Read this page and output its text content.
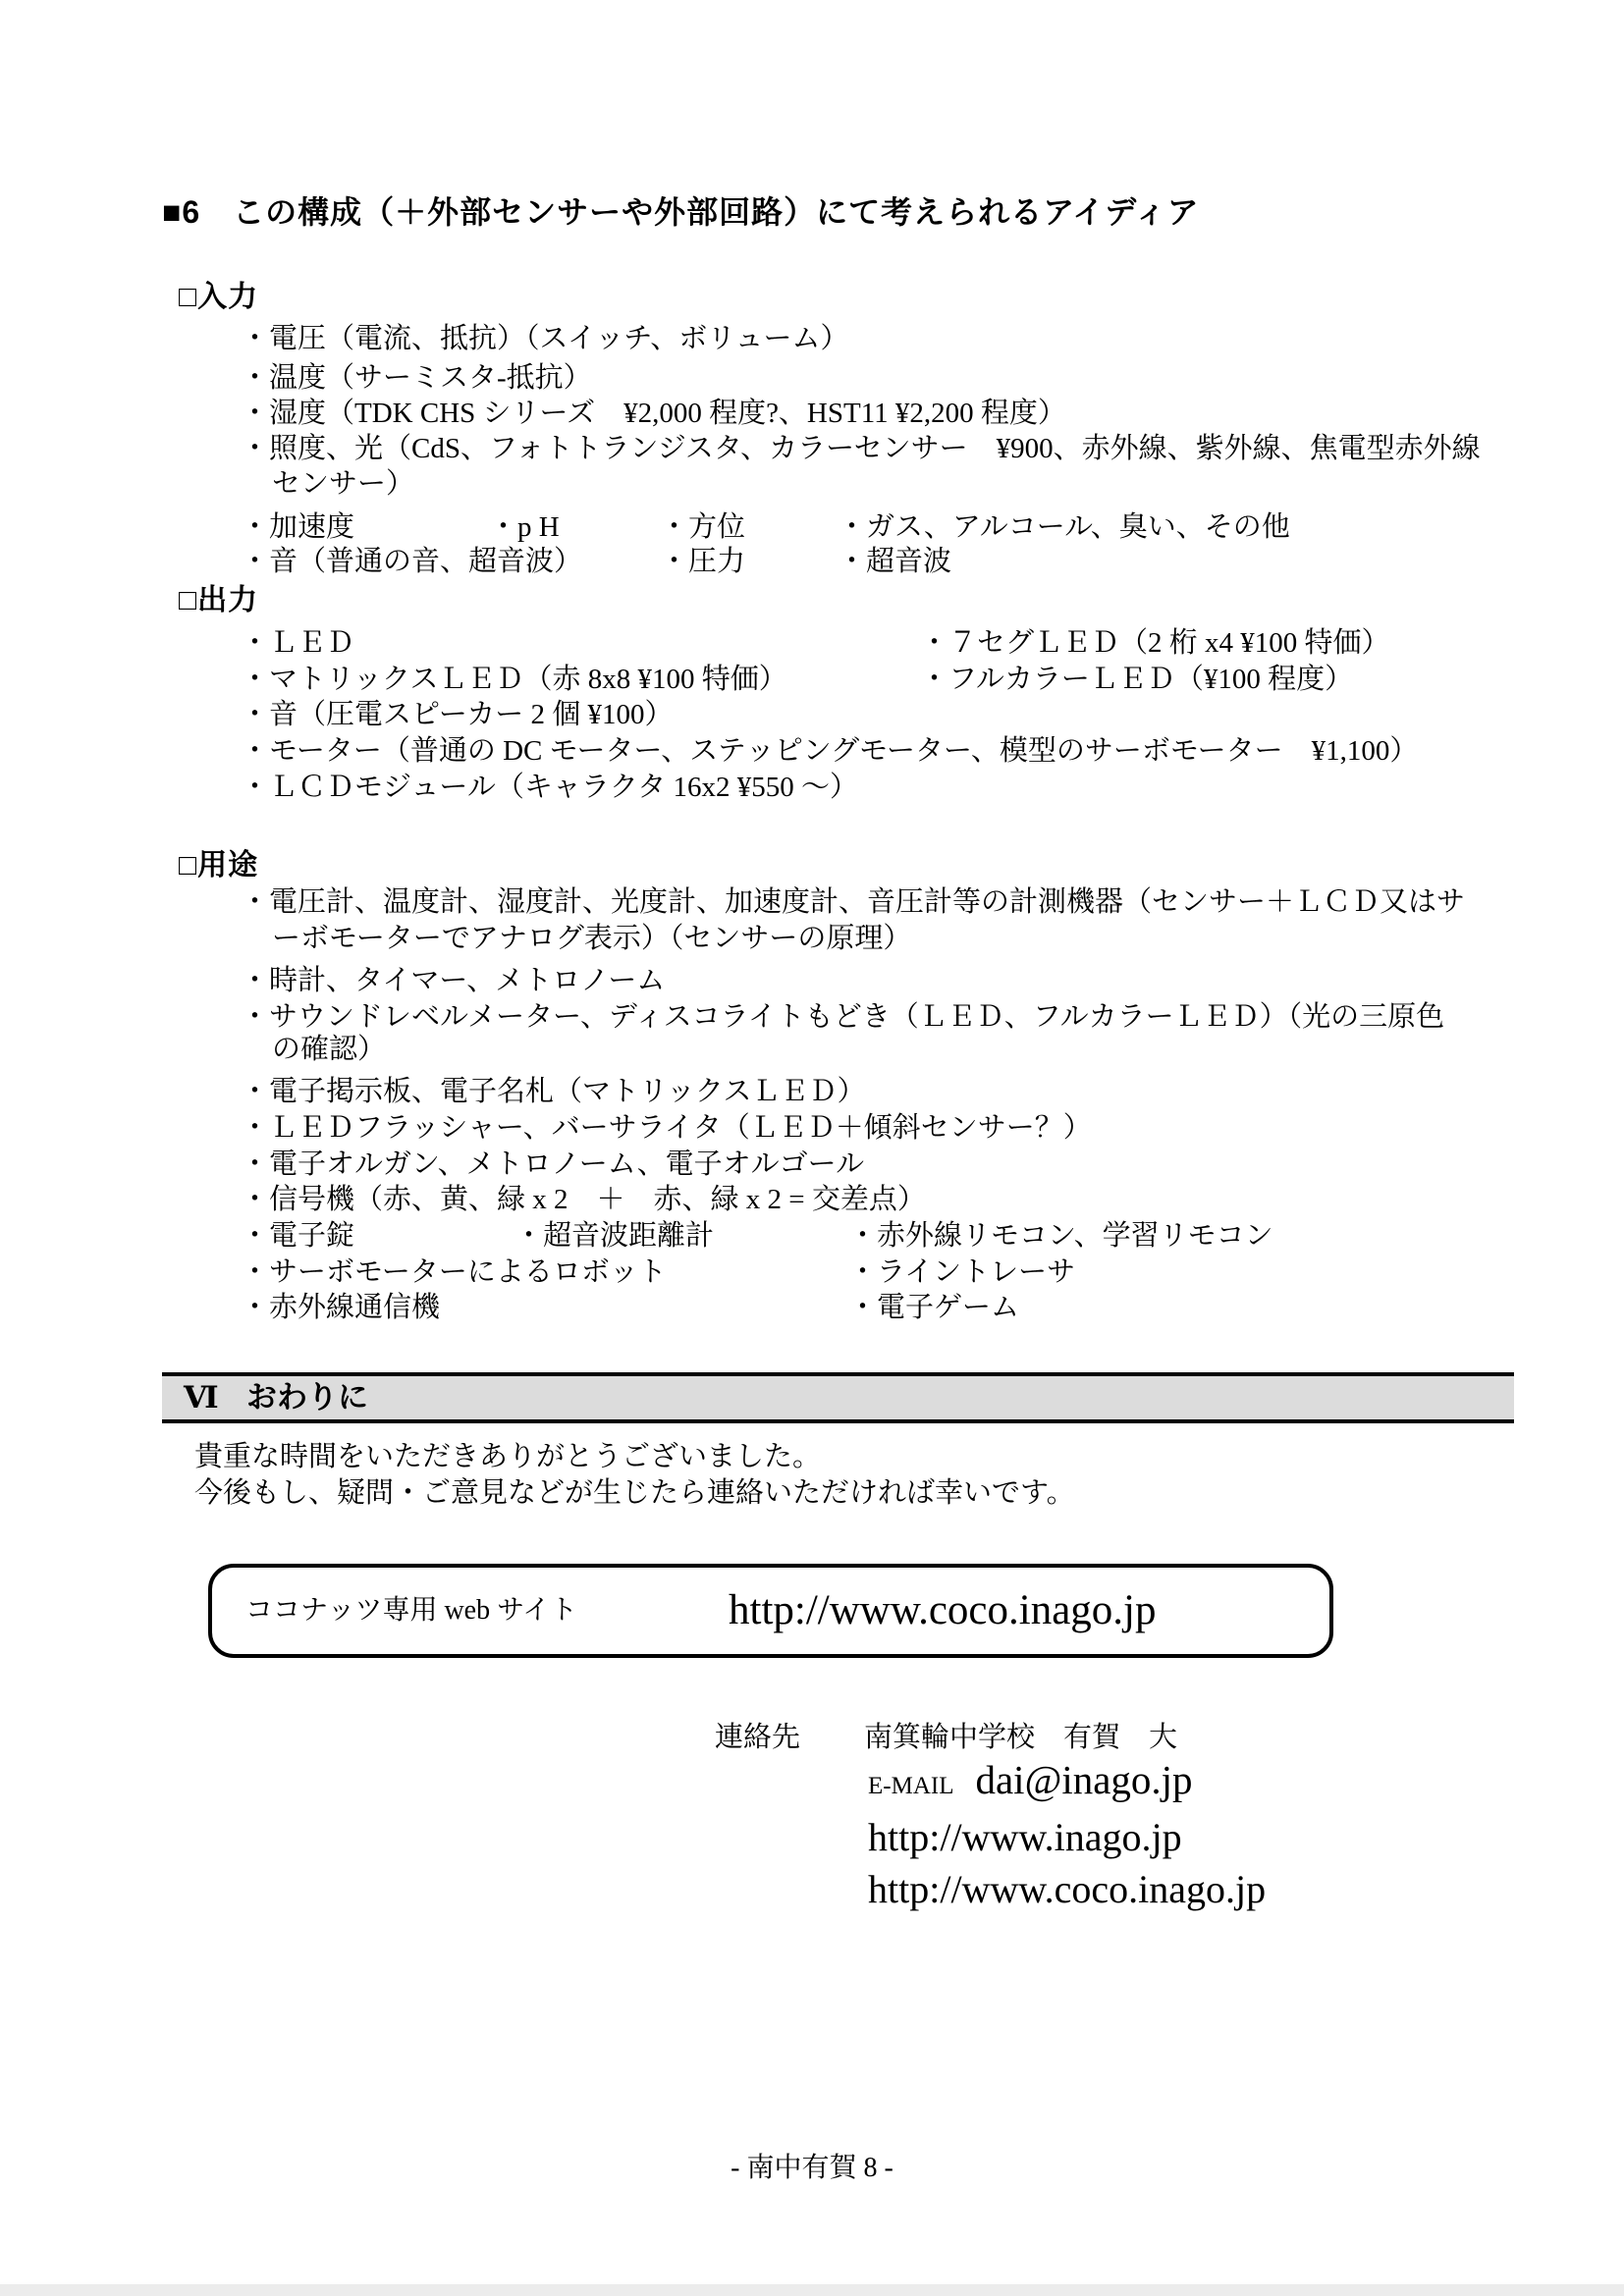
■6　この構成（＋外部センサーや外部回路）にて考えられるアイディア
□入力
・電圧（電流、抵抗）（スイッチ、ボリューム）
・温度（サーミスタ-抵抗）
・湿度（TDK CHS シリーズ　¥2,000 程度?、HST11 ¥2,200 程度）
・照度、光（CdS、フォトトランジスタ、カラーセンサー　¥900、赤外線、紫外線、焦電型赤外線
センサー）
・加速度	・p H	・方位	・ガス、アルコール、臭い、その他
・音（普通の音、超音波）	・圧力	・超音波
□出力
・ＬＥＤ	・７セグＬＥＤ（2 桁 x4 ¥100 特価）
・マトリックスＬＥＤ（赤 8x8 ¥100 特価）	・フルカラーＬＥＤ（¥100 程度）
・音（圧電スピーカー 2 個 ¥100）
・モーター（普通の DC モーター、ステッピングモーター、模型のサーボモーター　¥1,100）
・ＬＣＤモジュール（キャラクタ 16x2 ¥550 ～）
□用途
・電圧計、温度計、湿度計、光度計、加速度計、音圧計等の計測機器（センサー＋ＬＣＤ又はサ
ーボモーターでアナログ表示）（センサーの原理）
・時計、タイマー、メトロノーム
・サウンドレベルメーター、ディスコライトもどき（ＬＥＤ、フルカラーＬＥＤ）（光の三原色
の確認）
・電子掲示板、電子名札（マトリックスＬＥＤ）
・ＬＥＤフラッシャー、バーサライタ（ＬＥＤ＋傾斜センサー？）
・電子オルガン、メトロノーム、電子オルゴール
・信号機（赤、黄、緑 x 2　＋　赤、緑 x 2 = 交差点）
・電子錠	・超音波距離計	・赤外線リモコン、学習リモコン
・サーボモーターによるロボット	・ライントレーサ
・赤外線通信機	・電子ゲーム
Ⅵ おわりに
貴重な時間をいただきありがとうございました。
今後もし、疑問・ご意見などが生じたら連絡いただければ幸いです。
ココナッツ専用 web サイト	http://www.coco.inago.jp
連絡先 南箕輪中学校　有賀　大
E-MAIL dai@inago.jp
http://www.inago.jp
http://www.coco.inago.jp
- 南中有賀 8 -
